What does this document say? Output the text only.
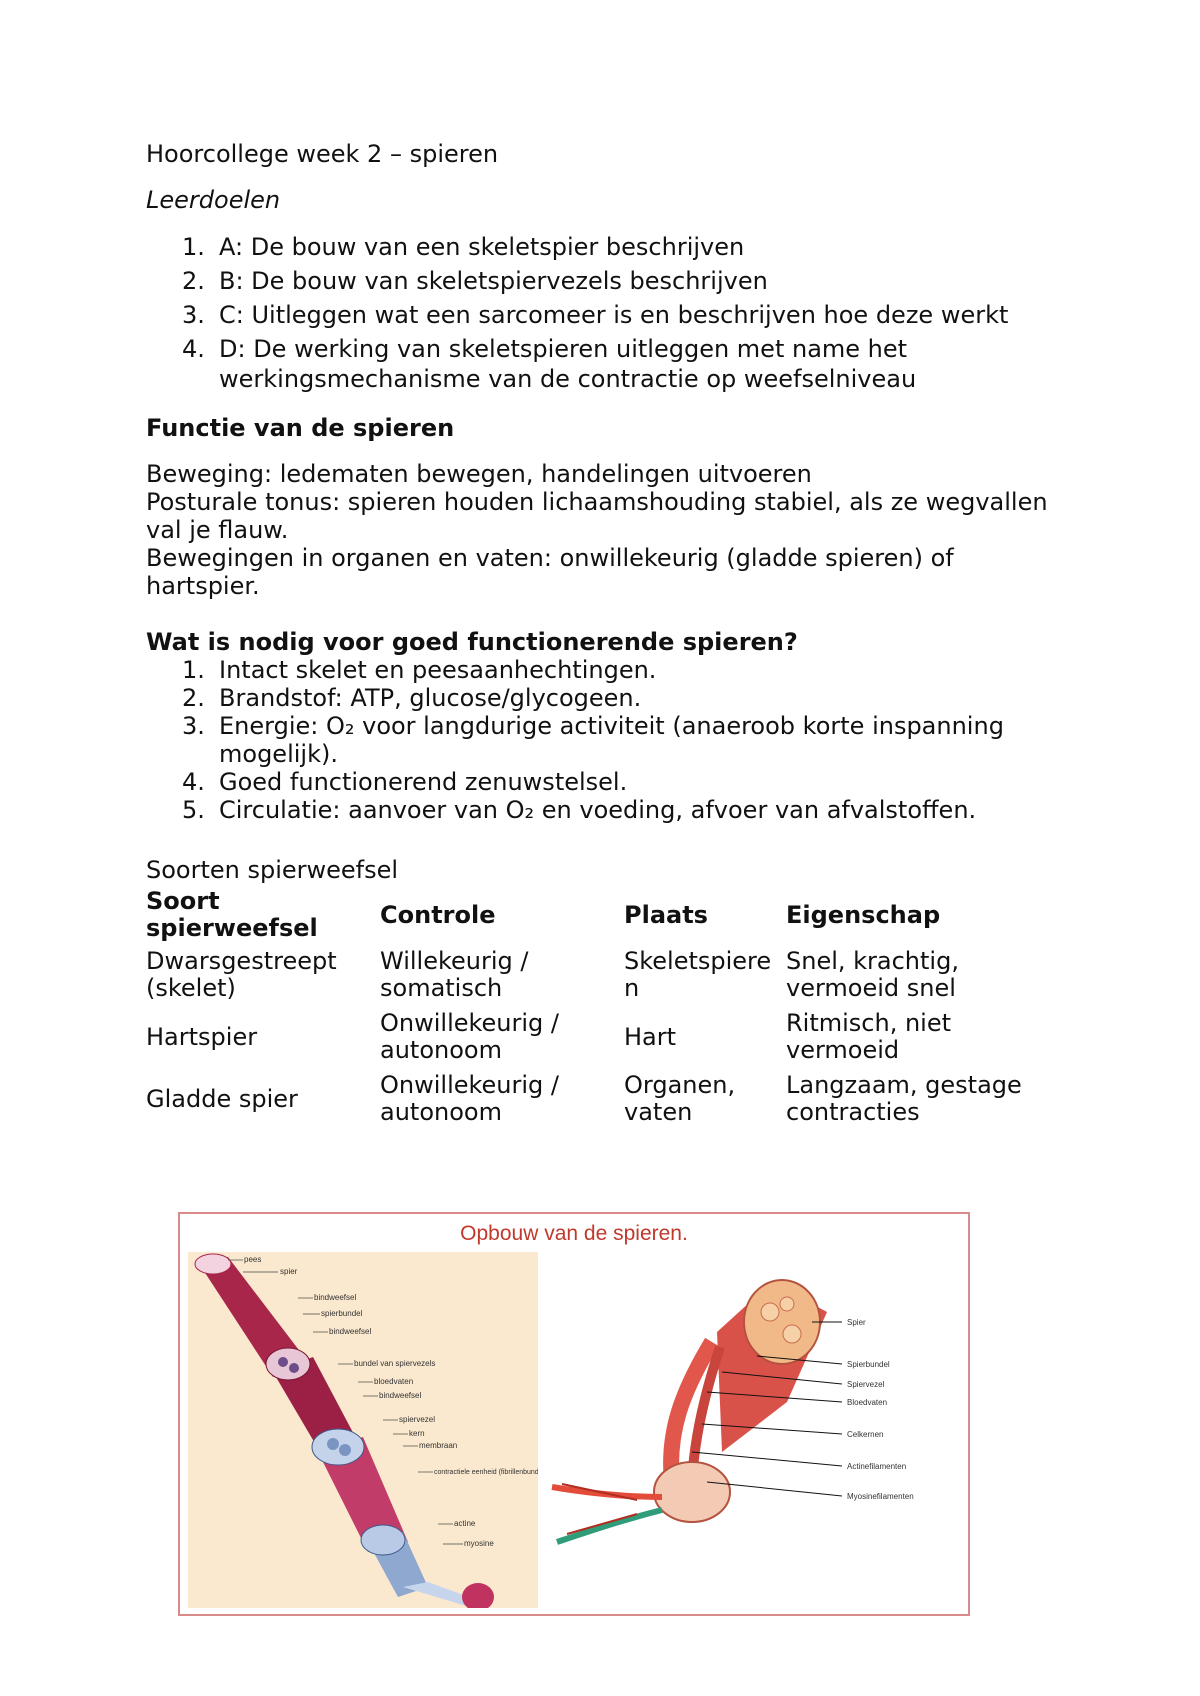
Hoorcollege week 2 – spieren

Leerdoelen

1. A: De bouw van een skeletspier beschrijven
2. B: De bouw van skeletspiervezels beschrijven
3. C: Uitleggen wat een sarcomeer is en beschrijven hoe deze werkt
4. D: De werking van skeletspieren uitleggen met name het werkingsmechanisme van de contractie op weefselniveau

Functie van de spieren

Beweging: ledematen bewegen, handelingen uitvoeren

Posturale tonus: spieren houden lichaamshouding stabiel, als ze wegvallen val je flauw.

Bewegingen in organen en vaten: onwillekeurig (gladde spieren) of hartspier.

Wat is nodig voor goed functionerende spieren?

1. Intact skelet en peesaanhechtingen.
2. Brandstof: ATP, glucose/glycogeen.
3. Energie: O₂ voor langdurige activiteit (anaeroob korte inspanning mogelijk).
4. Goed functionerend zenuwstelsel.
5. Circulatie: aanvoer van O₂ en voeding, afvoer van afvalstoffen.

Soorten spierweefsel

Soort spierweefsel	Controle	Plaats	Eigenschap
Dwarsgestreept (skelet)	Willekeurig / somatisch	Skeletspieren	Snel, krachtig, vermoeid snel
Hartspier	Onwillekeurig / autonoom	Hart	Ritmisch, niet vermoeid
Gladde spier	Onwillekeurig / autonoom	Organen, vaten	Langzaam, gestage contracties
Opbouw van de spieren.
pees
spier
bindweefsel
spierbundel
bindweefsel
bundel van spiervezels
bloedvaten
bindweefsel
spiervezel
kern
membraan
contractiele eenheid (fibrillenbundel)
actine
myosine
Spier
Spierbundel
Spiervezel
Bloedvaten
Celkernen
Actinefilamenten
Myosinefilamenten
